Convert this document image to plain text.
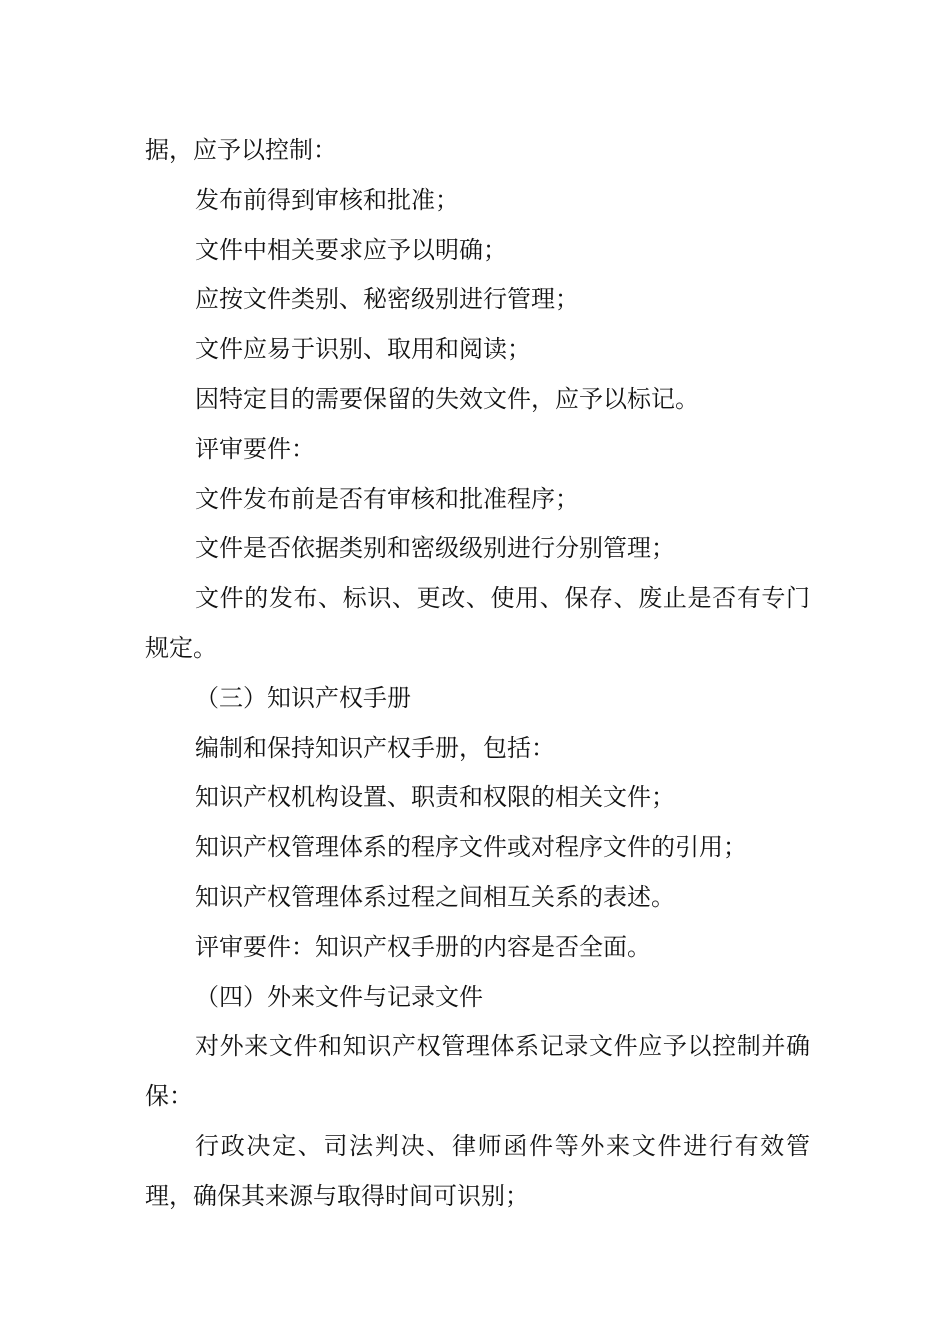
据，应予以控制：

发布前得到审核和批准；

文件中相关要求应予以明确；

应按文件类别、秘密级别进行管理；

文件应易于识别、取用和阅读；

因特定目的需要保留的失效文件，应予以标记。

评审要件：

文件发布前是否有审核和批准程序；

文件是否依据类别和密级级别进行分别管理；

文件的发布、标识、更改、使用、保存、废止是否有专门规定。

（三）知识产权手册

编制和保持知识产权手册，包括：

知识产权机构设置、职责和权限的相关文件；

知识产权管理体系的程序文件或对程序文件的引用；

知识产权管理体系过程之间相互关系的表述。

评审要件：知识产权手册的内容是否全面。

（四）外来文件与记录文件

对外来文件和知识产权管理体系记录文件应予以控制并确保：

行政决定、司法判决、律师函件等外来文件进行有效管理，确保其来源与取得时间可识别；
